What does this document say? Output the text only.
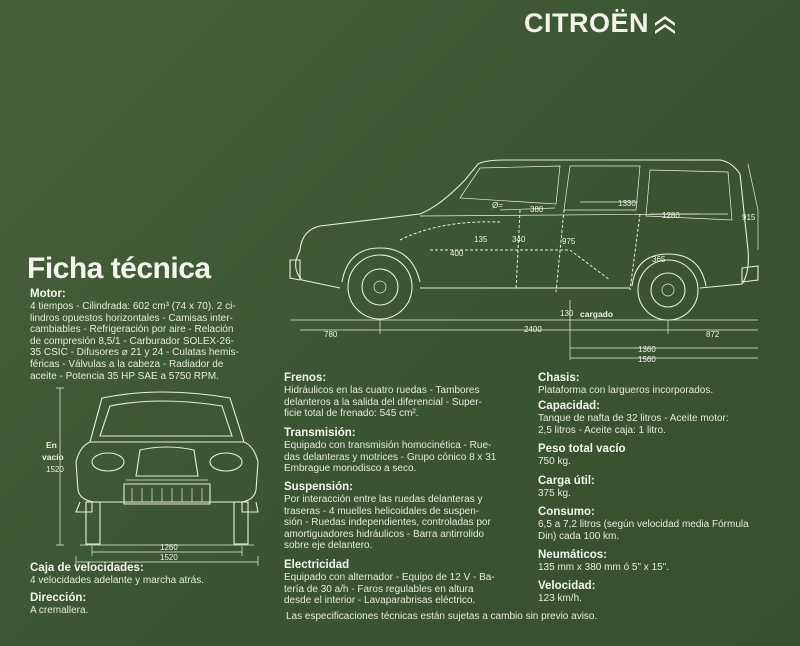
CITROËN
Ø=	380
1330
1280	915
135	340	975
400
365
130 cargado
780
2400
872
1360
1560
Ficha técnica

Motor:

4 tiempos - Cilindrada: 602 cm³ (74 x 70). 2 ci-

lindros opuestos horizontales - Camisas inter-

cambiables - Refrigeración por aire - Relación

de compresión 8,5/1 - Carburador SOLEX-26-

35 CSIC - Difusores ⌀ 21 y 24 - Culatas hemis-

féricas - Válvulas a la cabeza - Radiador de

aceite - Potencia 35 HP SAE a 5750 RPM.

En
vacío
1520
1260
1520

Caja de velocidades:

4 velocidades adelante y marcha atrás.

Dirección:

A cremallera.

Frenos:

Hidráulicos en las cuatro ruedas - Tambores

delanteros a la salida del diferencial - Super-

ficie total de frenado: 545 cm².

Transmisión:

Equipado con transmisión homocinética - Rue-

das delanteras y motrices - Grupo cónico 8 x 31

Embrague monodisco a seco.

Suspensión:

Por interacción entre las ruedas delanteras y

traseras - 4 muelles helicoidales de suspen-

sión - Ruedas independientes, controladas por

amortiguadores hidráulicos - Barra antirrolido

sobre eje delantero.

Electricidad

Equipado con alternador - Equipo de 12 V - Ba-

tería de 30 a/h - Faros regulables en altura

desde el interior - Lavaparabrisas eléctrico.

Chasis:

Plataforma con largueros incorporados.

Capacidad:

Tanque de nafta de 32 litros - Aceite motor:

2,5 litros - Aceite caja: 1 litro.

Peso total vacío

750 kg.

Carga útil:

375 kg.

Consumo:

6,5 a 7,2 litros (según velocidad media Fórmula

Din) cada 100 km.

Neumáticos:

135 mm x 380 mm ó 5" x 15".

Velocidad:

123 km/h.

Las especificaciones técnicas están sujetas a cambio sin previo aviso.
